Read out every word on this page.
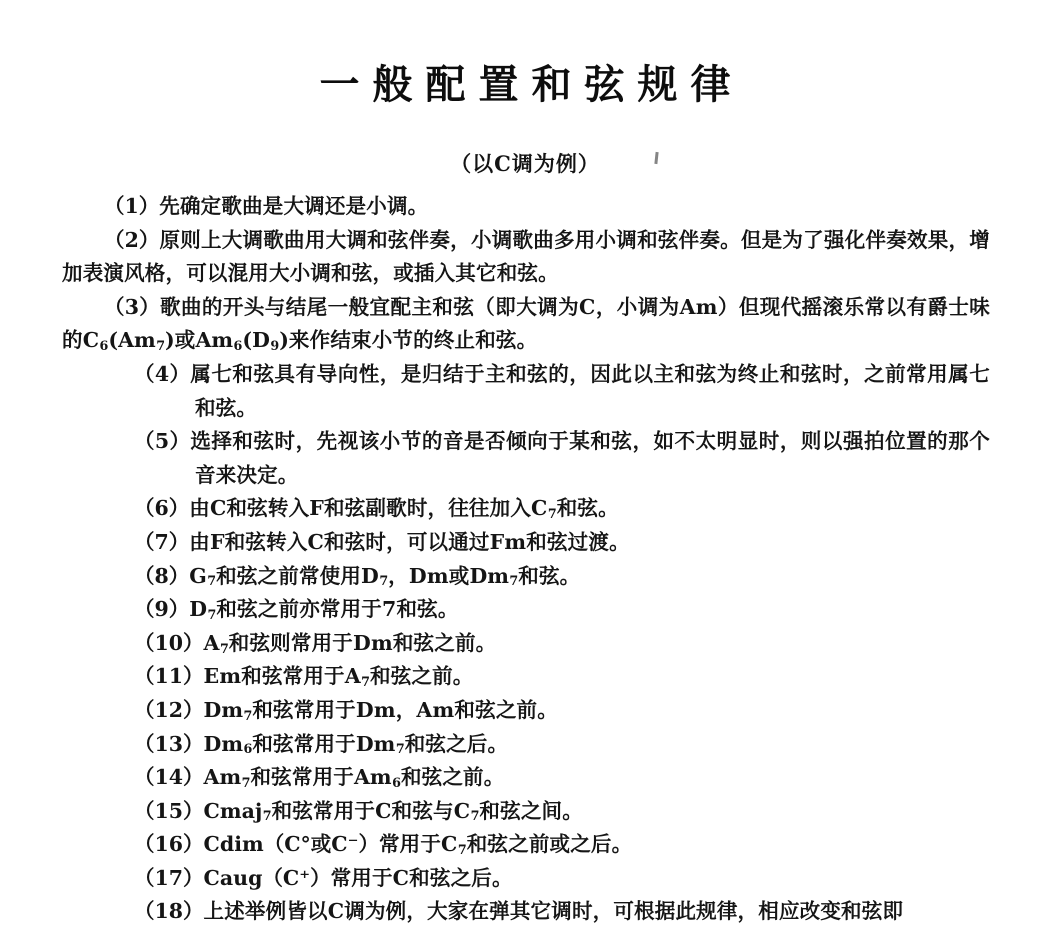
一般配置和弦规律
（以C调为例）

（1）先确定歌曲是大调还是小调。

（2）原则上大调歌曲用大调和弦伴奏，小调歌曲多用小调和弦伴奏。但是为了强化伴奏效果，增加表演风格，可以混用大小调和弦，或插入其它和弦。

（3）歌曲的开头与结尾一般宜配主和弦（即大调为C，小调为Am）但现代摇滚乐常以有爵士味的$C_6(Am_7)$或$Am_6(D_9)$来作结束小节的终止和弦。

（4）属七和弦具有导向性，是归结于主和弦的，因此以主和弦为终止和弦时，之前常用属七和弦。

（5）选择和弦时，先视该小节的音是否倾向于某和弦，如不太明显时，则以强拍位置的那个音来决定。

（6）由C和弦转入F和弦副歌时，往往加入$C_7$和弦。

（7）由F和弦转入C和弦时，可以通过Fm和弦过渡。

$(8)G_7$和弦之前常使用$D_7$，Dm或$Dm_7$和弦。

$(9)D_7$和弦之前亦常用于7和弦。

$(10)A_7$和弦则常用于Dm和弦之前。

（11）Em和弦常用于$A_7$和弦之前。

$(12)Dm_7$和弦常用于Dm，Am和弦之前。

$(13)Dm_6$和弦常用于$Dm_7$和弦之后。

$(14)Am_7$和弦常用于$Am_6$和弦之前。

（15）Cmaj$_7$和弦常用于C和弦与$C_7$和弦之间。

（16）Cdim（C°或C⁻）常用于$C_7$和弦之前或之后。

（17）Caug（C⁺）常用于C和弦之后。

（18）上述举例皆以C调为例，大家在弹其它调时，可根据此规律，相应改变和弦即
